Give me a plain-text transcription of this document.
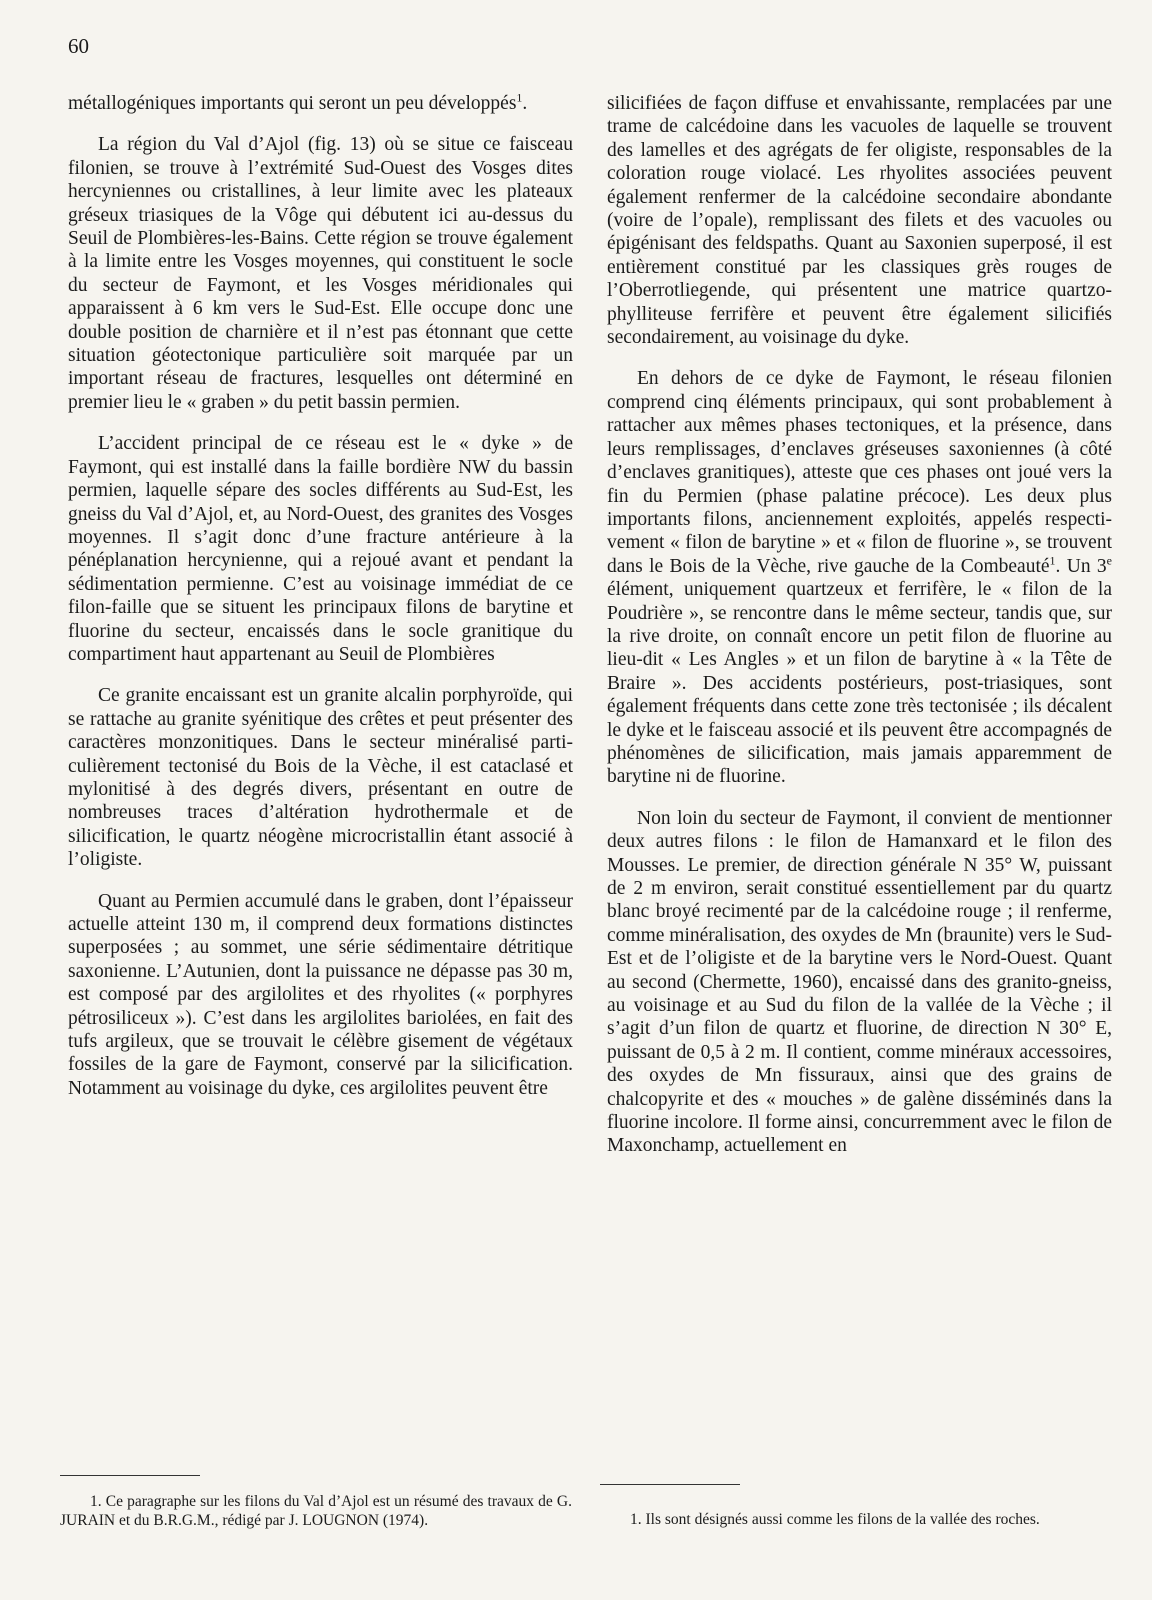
60

métallogéniques importants qui seront un peu développés$^1$.

La région du Val d’Ajol (fig. 13) où se situe ce faisceau filonien, se trouve à l’extrémité Sud-Ouest des Vosges dites hercyniennes ou cristallines, à leur limite avec les plateaux gréseux triasiques de la Vôge qui débutent ici au-dessus du Seuil de Plombières-les-Bains. Cette région se trouve également à la limite entre les Vosges moyennes, qui constituent le socle du secteur de Faymont, et les Vosges méridionales qui apparaissent à 6 km vers le Sud-Est. Elle occupe donc une double position de charnière et il n’est pas étonnant que cette situation géotectonique particulière soit marquée par un important réseau de fractures, lesquelles ont déterminé en premier lieu le « graben » du petit bassin permien.

L’accident principal de ce réseau est le « dyke » de Faymont, qui est installé dans la faille bordière NW du bassin permien, laquelle sépare des socles différents au Sud-Est, les gneiss du Val d’Ajol, et, au Nord-Ouest, des granites des Vosges moyennes. Il s’agit donc d’une fracture antérieure à la pénéplanation hercynienne, qui a rejoué avant et pendant la sédimentation permienne. C’est au voisinage immédiat de ce filon-faille que se situent les principaux filons de barytine et fluorine du secteur, encaissés dans le socle granitique du compartiment haut appartenant au Seuil de Plombières

Ce granite encaissant est un granite alcalin porphyroïde, qui se rattache au granite syénitique des crêtes et peut présenter des caractères monzonitiques. Dans le secteur minéralisé particulièrement tectonisé du Bois de la Vèche, il est cataclasé et mylonitisé à des degrés divers, présentant en outre de nombreuses traces d’altération hydrothermale et de silicification, le quartz néogène microcristallin étant associé à l’oligiste.

Quant au Permien accumulé dans le graben, dont l’épaisseur actuelle atteint 130 m, il comprend deux formations distinctes superposées ; au sommet, une série sédimentaire détritique saxonienne. L’Autunien, dont la puissance ne dépasse pas 30 m, est composé par des argilolites et des rhyolites (« porphyres pétrosiliceux »). C’est dans les argilolites bariolées, en fait des tufs argileux, que se trouvait le célèbre gisement de végétaux fossiles de la gare de Faymont, conservé par la silicification. Notamment au voisinage du dyke, ces argilolites peuvent être

silicifiées de façon diffuse et envahissante, remplacées par une trame de calcédoine dans les vacuoles de laquelle se trouvent des lamelles et des agrégats de fer oligiste, responsables de la coloration rouge violacé. Les rhyolites associées peuvent également renfermer de la calcédoine secondaire abondante (voire de l’opale), remplissant des filets et des vacuoles ou épigénisant des feldspaths. Quant au Saxonien superposé, il est entièrement constitué par les classiques grès rouges de l’Oberrotliegende, qui présentent une matrice quartzo-phylliteuse ferrifère et peuvent être également silicifiés secondairement, au voisinage du dyke.

En dehors de ce dyke de Faymont, le réseau filonien comprend cinq éléments principaux, qui sont probablement à rattacher aux mêmes phases tectoniques, et la présence, dans leurs remplissages, d’enclaves gréseuses saxoniennes (à côté d’enclaves granitiques), atteste que ces phases ont joué vers la fin du Permien (phase palatine précoce). Les deux plus importants filons, anciennement exploités, appelés respectivement « filon de barytine » et « filon de fluorine », se trouvent dans le Bois de la Vèche, rive gauche de la Combeauté$^1$. Un 3e élément, uniquement quartzeux et ferrifère, le « filon de la Poudrière », se rencontre dans le même secteur, tandis que, sur la rive droite, on connaît encore un petit filon de fluorine au lieu-dit « Les Angles » et un filon de barytine à « la Tête de Braire ». Des accidents postérieurs, post-triasiques, sont également fréquents dans cette zone très tectonisée ; ils décalent le dyke et le faisceau associé et ils peuvent être accompagnés de phénomènes de silicification, mais jamais apparemment de barytine ni de fluorine.

Non loin du secteur de Faymont, il convient de mentionner deux autres filons : le filon de Hamanxard et le filon des Mousses. Le premier, de direction générale N 35° W, puissant de 2 m environ, serait constitué essentiellement par du quartz blanc broyé recimenté par de la calcédoine rouge ; il renferme, comme minéralisation, des oxydes de Mn (braunite) vers le Sud-Est et de l’oligiste et de la barytine vers le Nord-Ouest. Quant au second (Chermette, 1960), encaissé dans des granito-gneiss, au voisinage et au Sud du filon de la vallée de la Vèche ; il s’agit d’un filon de quartz et fluorine, de direction N 30° E, puissant de 0,5 à 2 m. Il contient, comme minéraux accessoires, des oxydes de Mn fissuraux, ainsi que des grains de chalcopyrite et des « mouches » de galène disséminés dans la fluorine incolore. Il forme ainsi, concurremment avec le filon de Maxonchamp, actuellement en

1. Ce paragraphe sur les filons du Val d’Ajol est un résumé des travaux de G. JURAIN et du B.R.G.M., rédigé par J. LOUGNON (1974).	1. Ils sont désignés aussi comme les filons de la vallée des roches.
